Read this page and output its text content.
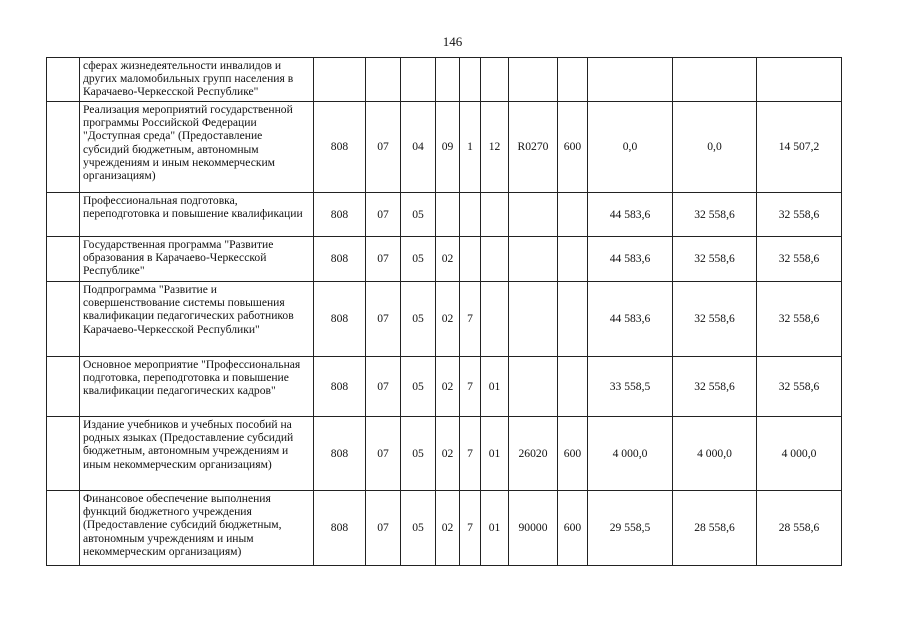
146
	сферах жизнедеятельности инвалидов и других маломобильных групп населения в Карачаево-Черкесской Республике"											
	Реализация мероприятий государственной программы Российской Федерации "Доступная среда" (Предоставление субсидий бюджетным, автономным учреждениям и иным некоммерческим организациям)	808	07	04	09	1	12	R0270	600	0,0	0,0	14 507,2
	Профессиональная подготовка, переподготовка и повышение квалификации	808	07	05						44 583,6	32 558,6	32 558,6
	Государственная программа "Развитие образования в Карачаево-Черкесской Республике"	808	07	05	02					44 583,6	32 558,6	32 558,6
	Подпрограмма "Развитие и совершенствование системы повышения квалификации педагогических работников Карачаево-Черкесской Республики"	808	07	05	02	7				44 583,6	32 558,6	32 558,6
	Основное мероприятие "Профессиональная подготовка, переподготовка и повышение квалификации педагогических кадров"	808	07	05	02	7	01			33 558,5	32 558,6	32 558,6
	Издание учебников и учебных пособий на родных языках (Предоставление субсидий бюджетным, автономным учреждениям и иным некоммерческим организациям)	808	07	05	02	7	01	26020	600	4 000,0	4 000,0	4 000,0
	Финансовое обеспечение выполнения функций бюджетного учреждения (Предоставление субсидий бюджетным, автономным учреждениям и иным некоммерческим организациям)	808	07	05	02	7	01	90000	600	29 558,5	28 558,6	28 558,6
